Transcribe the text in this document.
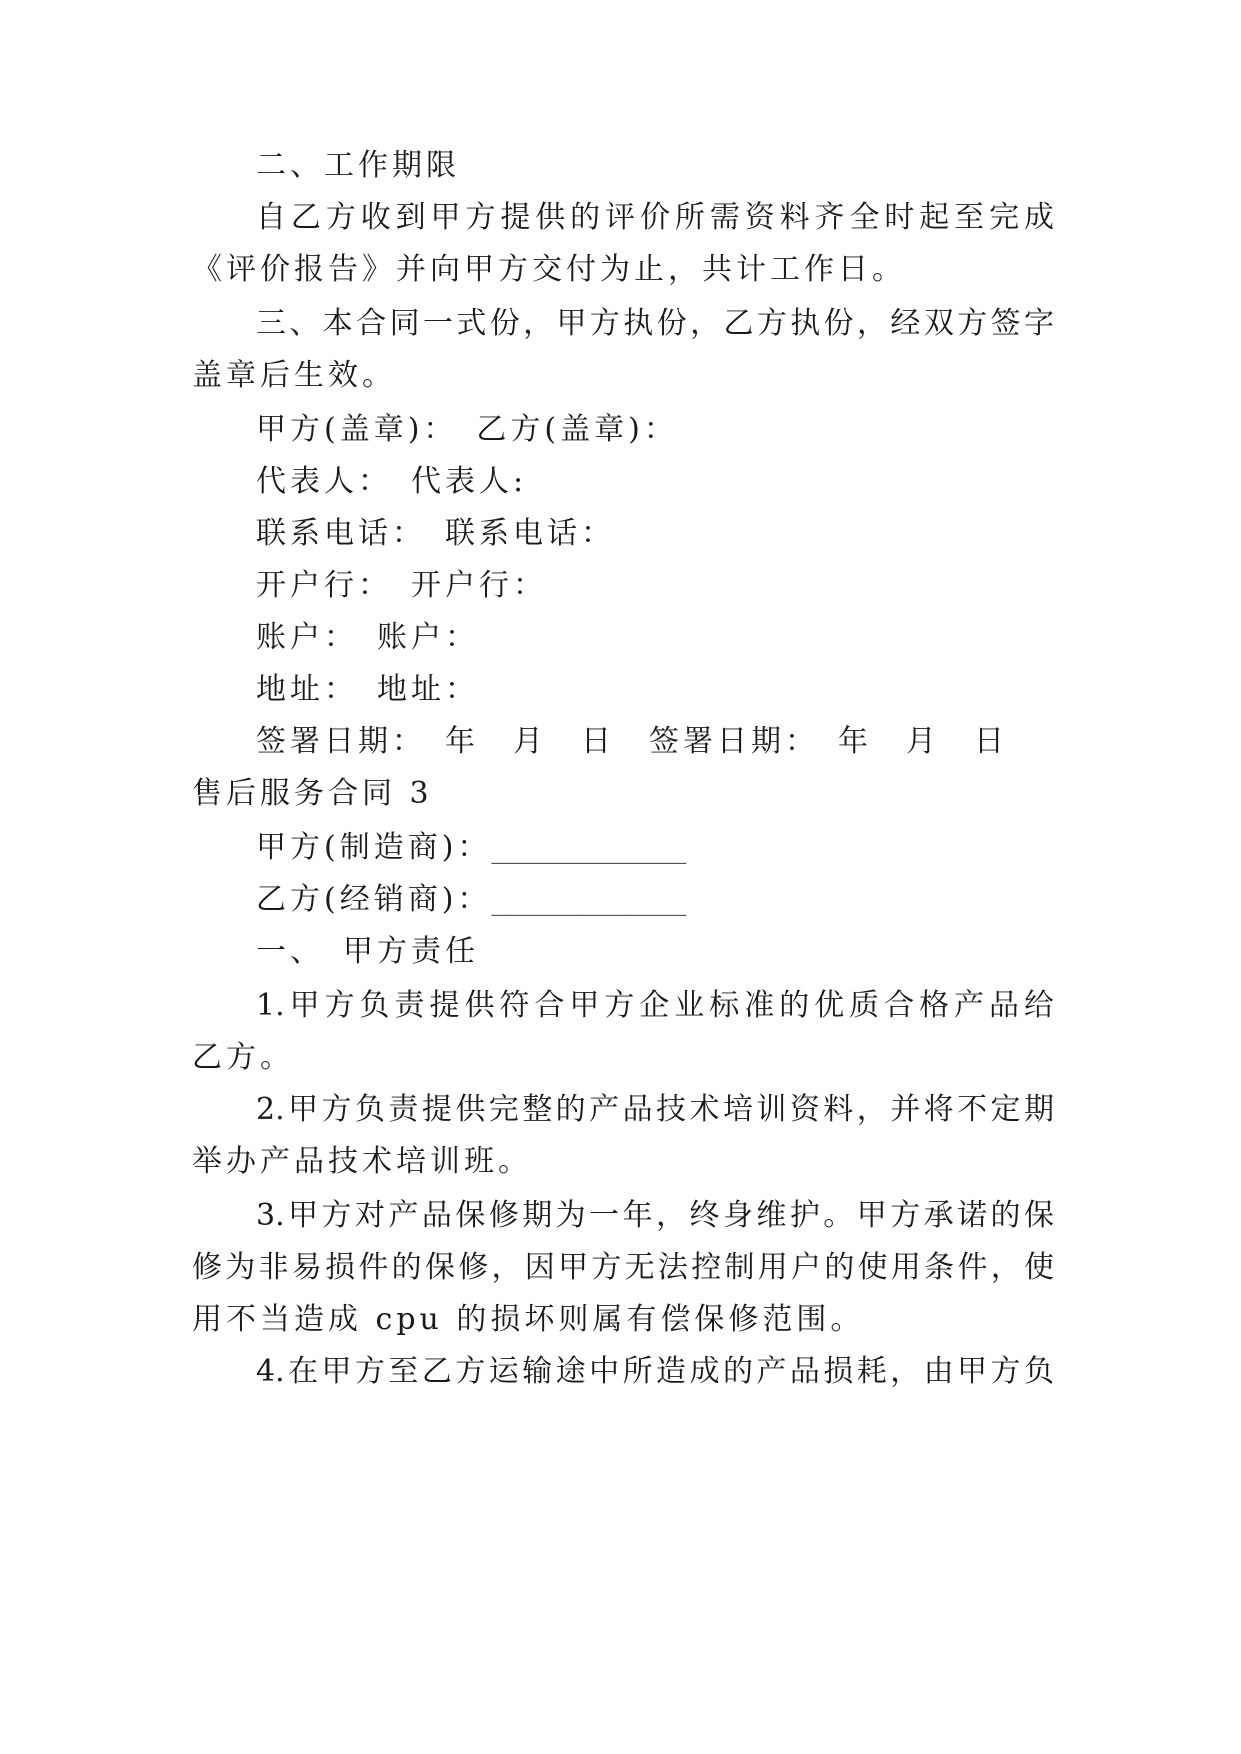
二、工作期限
自乙方收到甲方提供的评价所需资料齐全时起至完成
《评价报告》并向甲方交付为止，共计工作日。
三、本合同一式份，甲方执份，乙方执份，经双方签字
盖章后生效。
甲方(盖章)：　乙方(盖章)：
代表人：　代表人:
联系电话：　联系电话：
开户行：　开户行：
账户：　账户：
地址：　地址：
签署日期：　年　月　日　签署日期：　年　月　日
售后服务合同 3
甲方(制造商)：_____________
乙方(经销商)：_____________
一、　甲方责任
1.甲方负责提供符合甲方企业标准的优质合格产品给
乙方。
2.甲方负责提供完整的产品技术培训资料，并将不定期
举办产品技术培训班。
3.甲方对产品保修期为一年，终身维护。甲方承诺的保
修为非易损件的保修，因甲方无法控制用户的使用条件，使
用不当造成 cpu 的损坏则属有偿保修范围。
4.在甲方至乙方运输途中所造成的产品损耗，由甲方负
